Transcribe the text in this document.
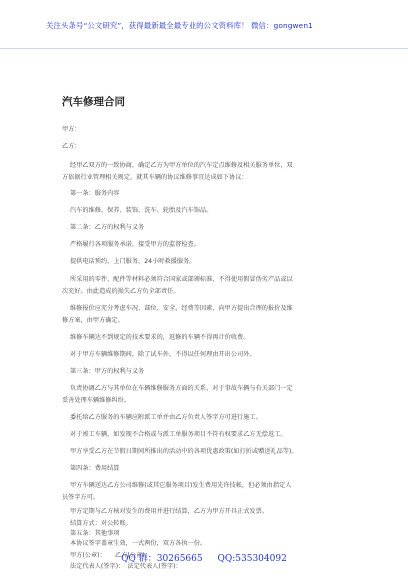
关注头条号“公文研究”，获得最新最全最专业的公文资料库！ 微信：gongwen1
汽车修理合同
甲方：
乙方：
经甲乙双方的一致协商，确定乙方为甲方单位的汽车定点维修及相关服务单位，双
方依据行业管理相关规定，就其车辆的协议维修事宜达成如下协议：
第一条：服务内容
汽车的维修、保养、装饰、洗车、轮胎及汽车饰品。
第二条：乙方的权利与义务
严格履行各项服务承诺，接受甲方的监督检查。
提供电话预约，上门服务，24小时救援服务。
所采用的零件、配件等材料必须符合国家或部颁标准，不得使用假冒伪劣产品或以
次充好。由此造成的损失乙方负全部责任。
维修报价应充分考虑车况、部位、安全、经费等因素，向甲方提出合理的报价及维
修方案，由甲方确定。
维修车辆达不到规定的技术要求的，返修的车辆不得再计价收费。
对于甲方车辆维修期间，除了试车外，不得以任何理由开出公司外。
第三条：甲方的权利与义务
负责协调乙方与其单位在车辆维修服务方面的关系，对于事故车辆与有关部门一定
妥善处理车辆维修纠纷。
委托给乙方服务的车辆应附派工单并由乙方负责人签字方可进行施工。
对于竣工车辆，如发现不合格或与派工单服务项目不符有权要求乙方无偿返工。
甲方享受乙方在节假日期间所推出的活动中的各项优惠政策(如打折或赠送礼品等)。
第四条：费用结算
甲方车辆送达乙方公司维修(或其它服务项目)发生费用先许技帐，但必须由指定人
员签字方可。
甲方定期与乙方核对发生的费用并进行结算，乙方为甲方开具正式发票。
结算方式：对公转账。
第五条：其他事项
本协议签字盖章生效，一式两份，双方各执一份。
甲方(公章)：　　乙方(公章)：
法定代表人(签字)：　法定代表人(签字)：
QQ 群：30265665 QQ:535304092
